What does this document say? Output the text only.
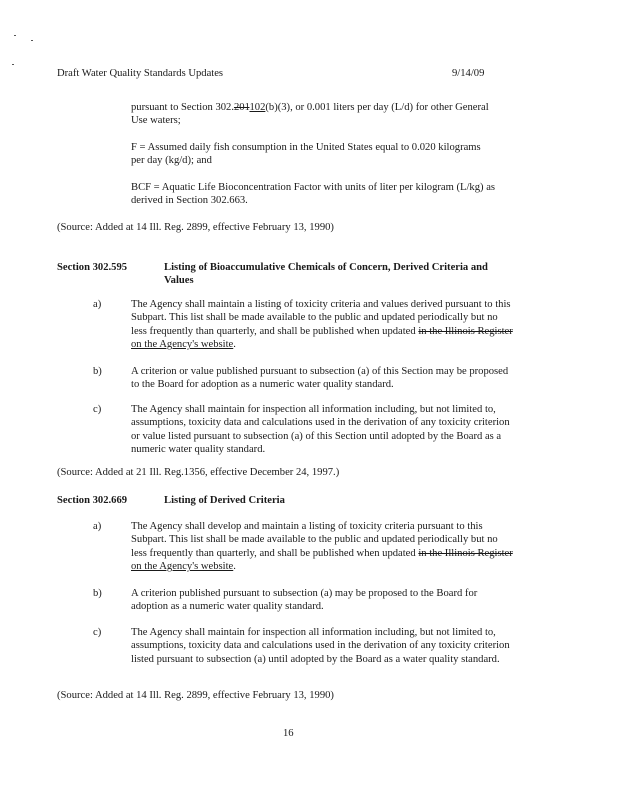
Draft Water Quality Standards Updates	9/14/09
pursuant to Section 302.201102(b)(3), or 0.001 liters per day (L/d) for other General Use waters;
F = Assumed daily fish consumption in the United States equal to 0.020 kilograms per day (kg/d); and
BCF = Aquatic Life Bioconcentration Factor with units of liter per kilogram (L/kg) as derived in Section 302.663.
(Source: Added at 14 Ill. Reg. 2899, effective February 13, 1990)
Section 302.595	Listing of Bioaccumulative Chemicals of Concern, Derived Criteria and Values
a)	The Agency shall maintain a listing of toxicity criteria and values derived pursuant to this Subpart. This list shall be made available to the public and updated periodically but no less frequently than quarterly, and shall be published when updated in the Illinois Register on the Agency's website.
b)	A criterion or value published pursuant to subsection (a) of this Section may be proposed to the Board for adoption as a numeric water quality standard.
c)	The Agency shall maintain for inspection all information including, but not limited to, assumptions, toxicity data and calculations used in the derivation of any toxicity criterion or value listed pursuant to subsection (a) of this Section until adopted by the Board as a numeric water quality standard.
(Source: Added at 21 Ill. Reg.1356, effective December 24, 1997.)
Section 302.669	Listing of Derived Criteria
a)	The Agency shall develop and maintain a listing of toxicity criteria pursuant to this Subpart. This list shall be made available to the public and updated periodically but no less frequently than quarterly, and shall be published when updated in the Illinois Register on the Agency's website.
b)	A criterion published pursuant to subsection (a) may be proposed to the Board for adoption as a numeric water quality standard.
c)	The Agency shall maintain for inspection all information including, but not limited to, assumptions, toxicity data and calculations used in the derivation of any toxicity criterion listed pursuant to subsection (a) until adopted by the Board as a water quality standard.
(Source: Added at 14 Ill. Reg. 2899, effective February 13, 1990)
16
